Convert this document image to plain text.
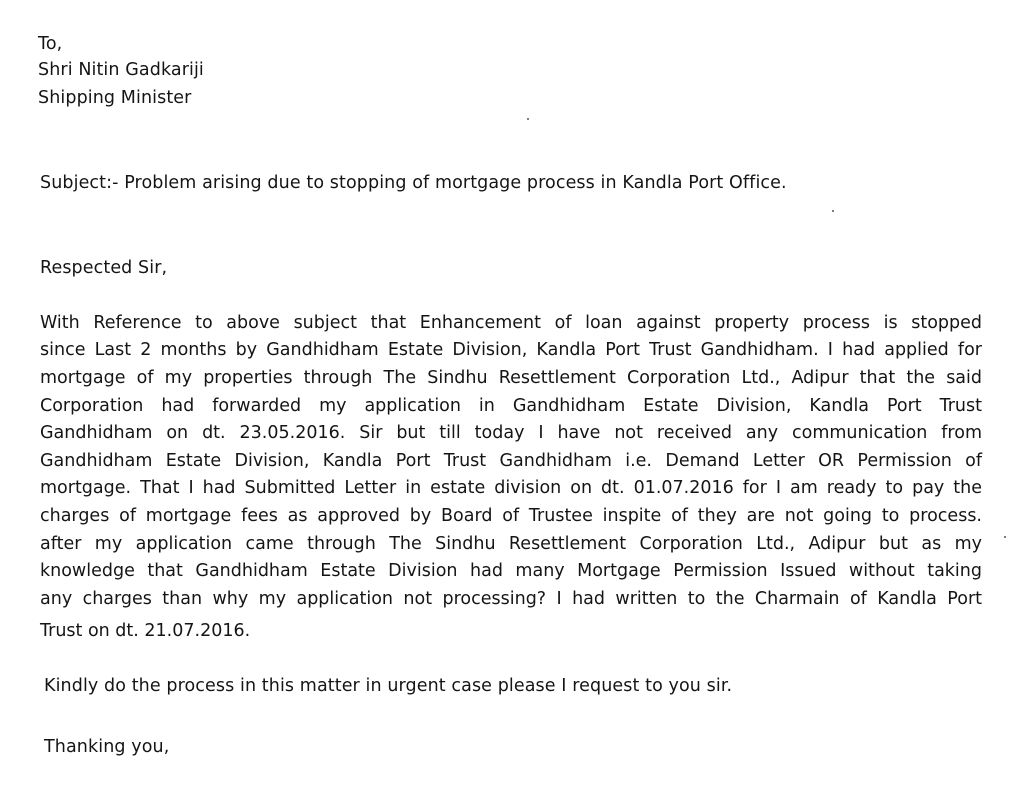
To,
Shri Nitin Gadkariji
Shipping Minister
Subject:- Problem arising due to stopping of mortgage process in Kandla Port Office.
Respected Sir,
With Reference to above subject that Enhancement of loan against property process is stopped
since Last 2 months by Gandhidham Estate Division, Kandla Port Trust Gandhidham. I had applied for
mortgage of my properties through The Sindhu Resettlement Corporation Ltd., Adipur that the said
Corporation had forwarded my application in Gandhidham Estate Division, Kandla Port Trust
Gandhidham on dt. 23.05.2016. Sir but till today I have not received any communication from
Gandhidham Estate Division, Kandla Port Trust Gandhidham i.e. Demand Letter OR Permission of
mortgage. That I had Submitted Letter in estate division on dt. 01.07.2016 for I am ready to pay the
charges of mortgage fees as approved by Board of Trustee inspite of they are not going to process.
after my application came through The Sindhu Resettlement Corporation Ltd., Adipur but as my
knowledge that Gandhidham Estate Division had many Mortgage Permission Issued without taking
any charges than why my application not processing? I had written to the Charmain of Kandla Port
Trust on dt. 21.07.2016.
Kindly do the process in this matter in urgent case please I request to you sir.
Thanking you,
